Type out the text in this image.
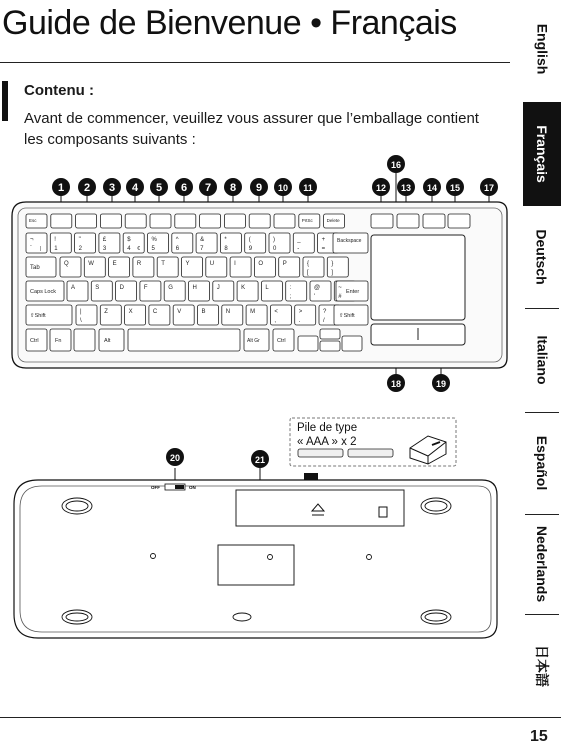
Guide de Bienvenue • Français
Contenu :
Avant de commencer, veuillez vous assurer que l’emballage contient les composants suivants :
English
Français
Deutsch
Italiano
Español
Nederlands
日本語
Esc	PrtSc	Delete
¬
` |
!
1
"
2
£
3
$
4 €
%
5
^
6
&
7
*
8
(
9
)
0
_
-
+
=
Backspace
Tab
Q	W	E	R	T	Y	U	I	O	P	{
[
}
]
Caps Lock
A	S	D	F	G	H	J	K	L	:
;
@
'
~
#
Enter
⇧Shift
|
\
Z	X	C	V	B	N	M	<
,
>
.
?
/
⇧Shift
Ctrl	Fn	Alt	Alt Gr	Ctrl
1 2 3 4 5 6 7 8 9 10 11	12 13 14 15
16
17
18	19
Pile de type
« AAA » x 2
OFF	ON
20	21
15
